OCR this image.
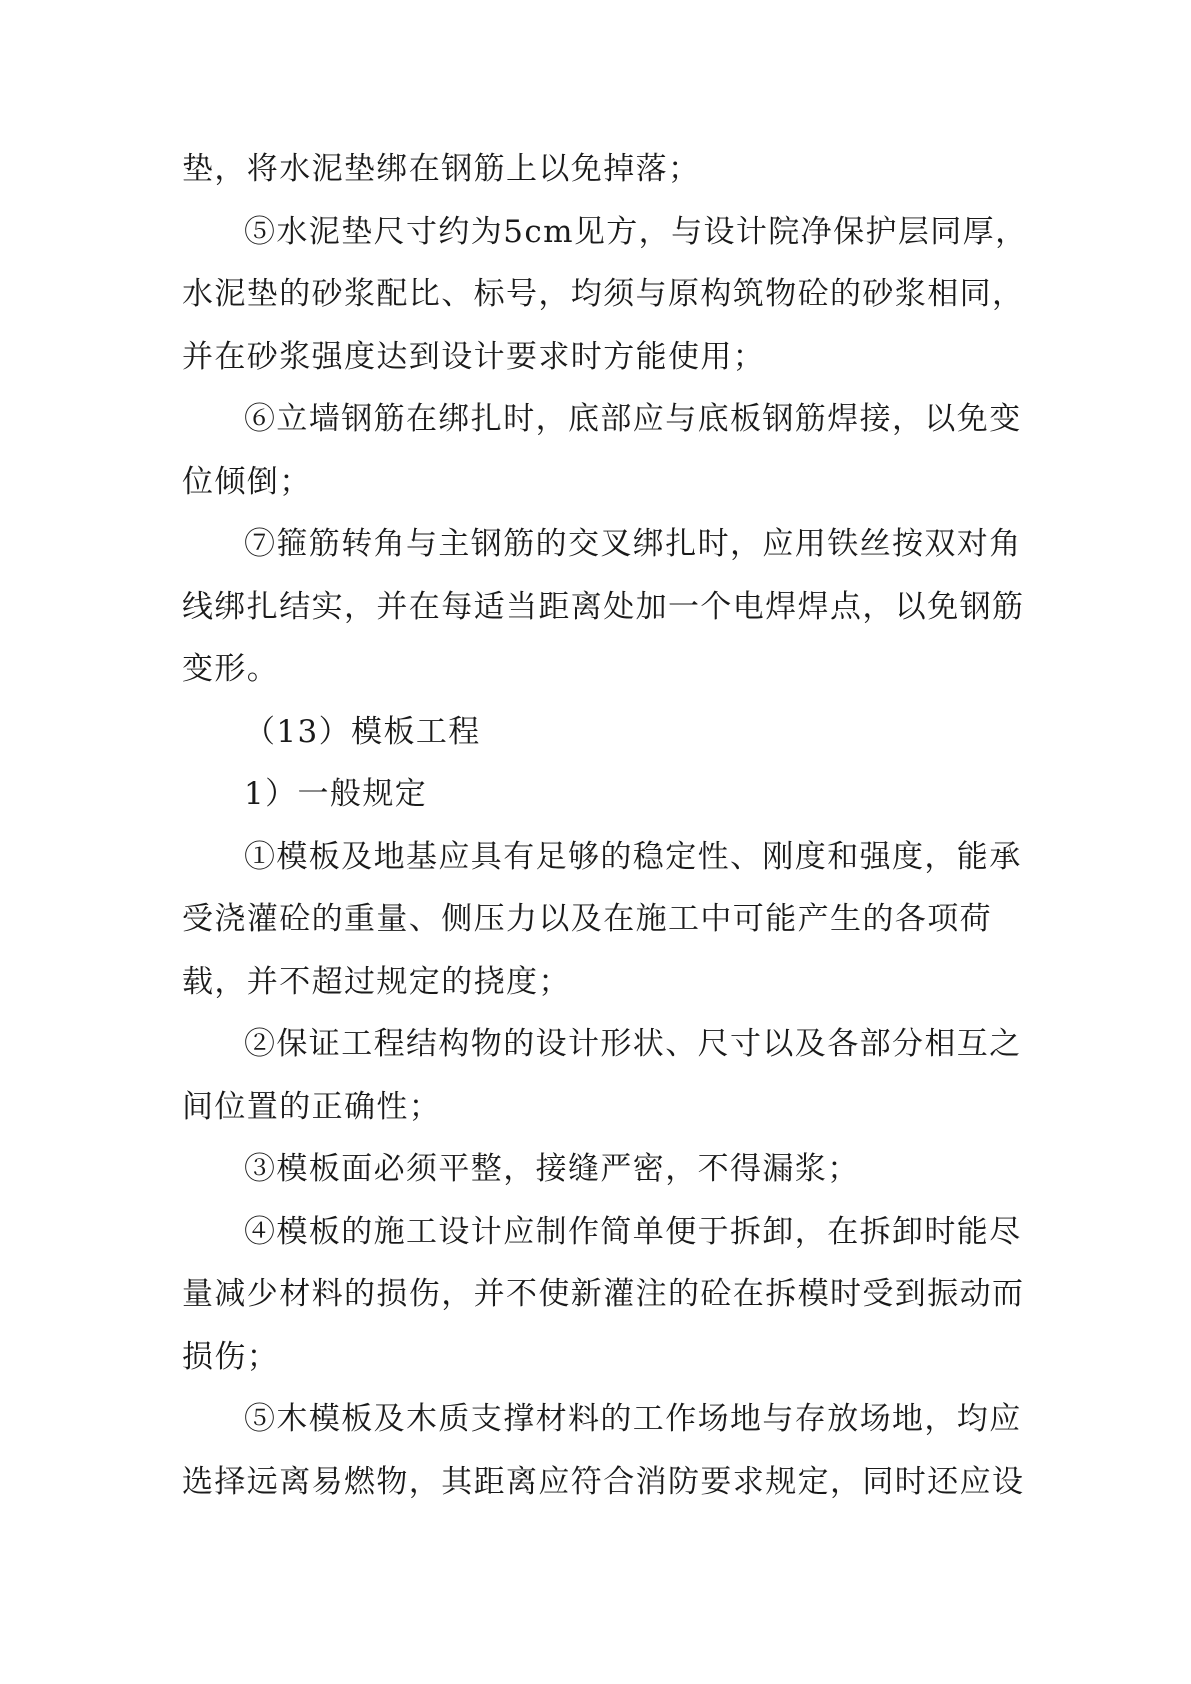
垫，将水泥垫绑在钢筋上以免掉落；
⑤水泥垫尺寸约为5cm见方，与设计院净保护层同厚，
水泥垫的砂浆配比、标号，均须与原构筑物砼的砂浆相同，
并在砂浆强度达到设计要求时方能使用；
⑥立墙钢筋在绑扎时，底部应与底板钢筋焊接，以免变
位倾倒；
⑦箍筋转角与主钢筋的交叉绑扎时，应用铁丝按双对角
线绑扎结实，并在每适当距离处加一个电焊焊点，以免钢筋
变形。
（13）模板工程
1）一般规定
①模板及地基应具有足够的稳定性、刚度和强度，能承
受浇灌砼的重量、侧压力以及在施工中可能产生的各项荷
载，并不超过规定的挠度；
②保证工程结构物的设计形状、尺寸以及各部分相互之
间位置的正确性；
③模板面必须平整，接缝严密，不得漏浆；
④模板的施工设计应制作简单便于拆卸，在拆卸时能尽
量减少材料的损伤，并不使新灌注的砼在拆模时受到振动而
损伤；
⑤木模板及木质支撑材料的工作场地与存放场地，均应
选择远离易燃物，其距离应符合消防要求规定，同时还应设
